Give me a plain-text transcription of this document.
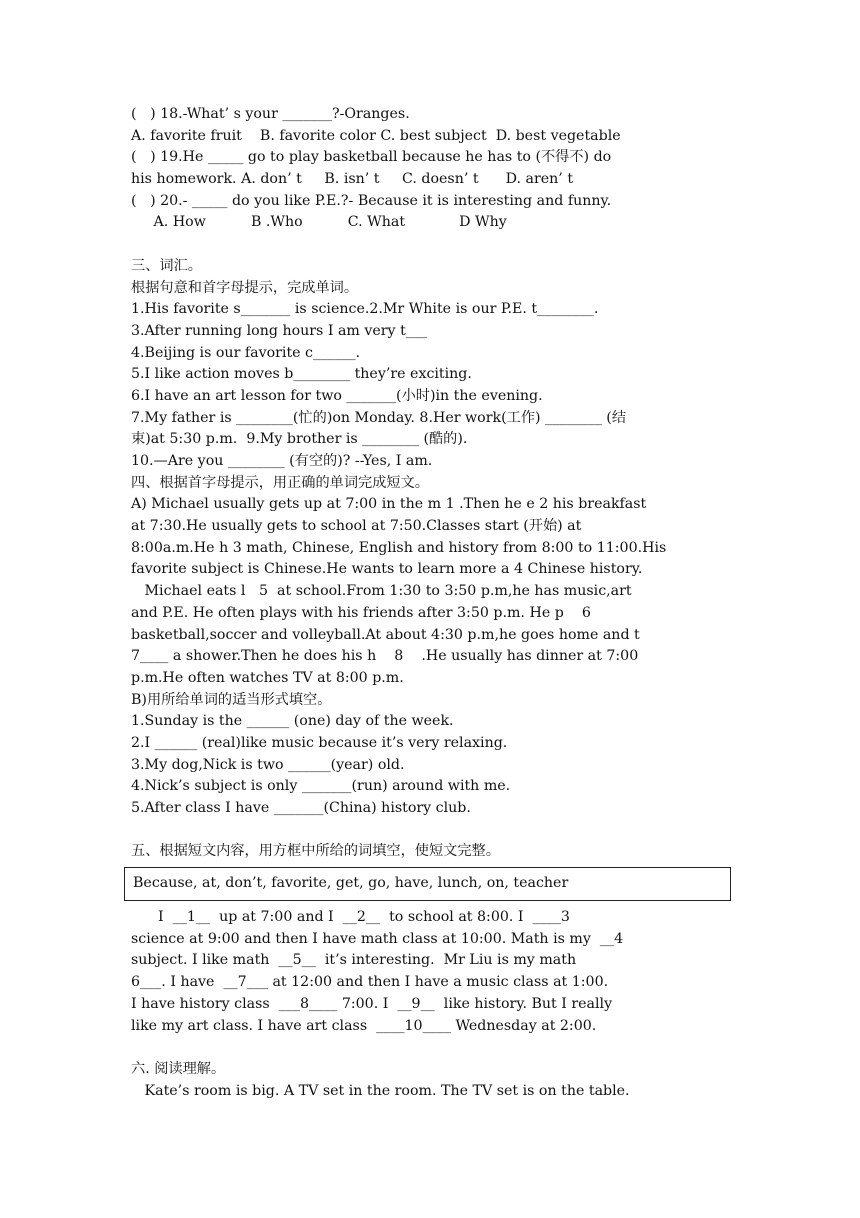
(   ) 18.-What’ s your _______?-Oranges.
A. favorite fruit    B. favorite color C. best subject  D. best vegetable
(   ) 19.He _____ go to play basketball because he has to (不得不) do
his homework. A. don’ t     B. isn’ t     C. doesn’ t      D. aren’ t
(   ) 20.- _____ do you like P.E.?- Because it is interesting and funny.
A. How          B .Who          C. What            D Why
三、词汇。
根据句意和首字母提示，完成单词。
1.His favorite s_______ is science.2.Mr White is our P.E. t________.
3.After running long hours I am very t___
4.Beijing is our favorite c______.
5.I like action moves b________ they’re exciting.
6.I have an art lesson for two _______(小时)in the evening.
7.My father is ________(忙的)on Monday. 8.Her work(工作) ________ (结
束)at 5:30 p.m.  9.My brother is ________ (酷的).
10.—Are you ________ (有空的)? --Yes, I am.
四、根据首字母提示，用正确的单词完成短文。
A) Michael usually gets up at 7:00 in the m 1 .Then he e 2 his breakfast
at 7:30.He usually gets to school at 7:50.Classes start (开始) at
8:00a.m.He h 3 math, Chinese, English and history from 8:00 to 11:00.His
favorite subject is Chinese.He wants to learn more a 4 Chinese history.
Michael eats l   5  at school.From 1:30 to 3:50 p.m,he has music,art
and P.E. He often plays with his friends after 3:50 p.m. He p    6
basketball,soccer and volleyball.At about 4:30 p.m,he goes home and t
7____ a shower.Then he does his h    8    .He usually has dinner at 7:00
p.m.He often watches TV at 8:00 p.m.
B)用所给单词的适当形式填空。
1.Sunday is the ______ (one) day of the week.
2.I ______ (real)like music because it’s very relaxing.
3.My dog,Nick is two ______(year) old.
4.Nick’s subject is only _______(run) around with me.
5.After class I have _______(China) history club.
五、根据短文内容，用方框中所给的词填空，使短文完整。
Because, at, don’t, favorite, get, go, have, lunch, on, teacher
I  __1__  up at 7:00 and I  __2__  to school at 8:00. I  ____3
science at 9:00 and then I have math class at 10:00. Math is my  __4
subject. I like math  __5__  it’s interesting.  Mr Liu is my math
6___. I have  __7___ at 12:00 and then I have a music class at 1:00.
I have history class  ___8____ 7:00. I  __9__  like history. But I really
like my art class. I have art class  ____10____ Wednesday at 2:00.
六. 阅读理解。
Kate’s room is big. A TV set in the room. The TV set is on the table.
